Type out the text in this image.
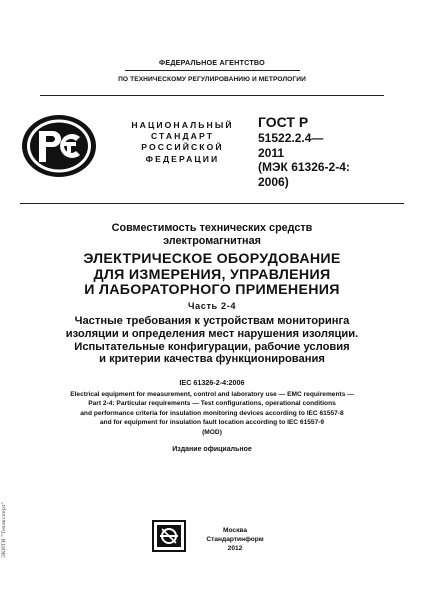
ФЕДЕРАЛЬНОЕ АГЕНТСТВО
ПО ТЕХНИЧЕСКОМУ РЕГУЛИРОВАНИЮ И МЕТРОЛОГИИ
НАЦИОНАЛЬНЫЙ
СТАНДАРТ
РОССИЙСКОЙ
ФЕДЕРАЦИИ
ГОСТ Р
51522.2.4—
2011
(МЭК 61326-2-4:
2006)
Совместимость технических средств
электромагнитная
ЭЛЕКТРИЧЕСКОЕ ОБОРУДОВАНИЕ
ДЛЯ ИЗМЕРЕНИЯ, УПРАВЛЕНИЯ
И ЛАБОРАТОРНОГО ПРИМЕНЕНИЯ
Часть 2-4
Частные требования к устройствам мониторинга
изоляции и определения мест нарушения изоляции.
Испытательные конфигурации, рабочие условия
и критерии качества функционирования
IEC 61326-2-4:2006
Electrical equipment for measurement, control and laboratory use — EMC requirements —
Part 2-4: Particular requirements — Test configurations, operational conditions
and performance criteria for insulation monitoring devices according to IEC 61557-8
and for equipment for insulation fault location according to IEC 61557-9
(MOD)
Издание официальное
Москва
Стандартинформ
2012
ЭКИТИ "Техэксперт"
